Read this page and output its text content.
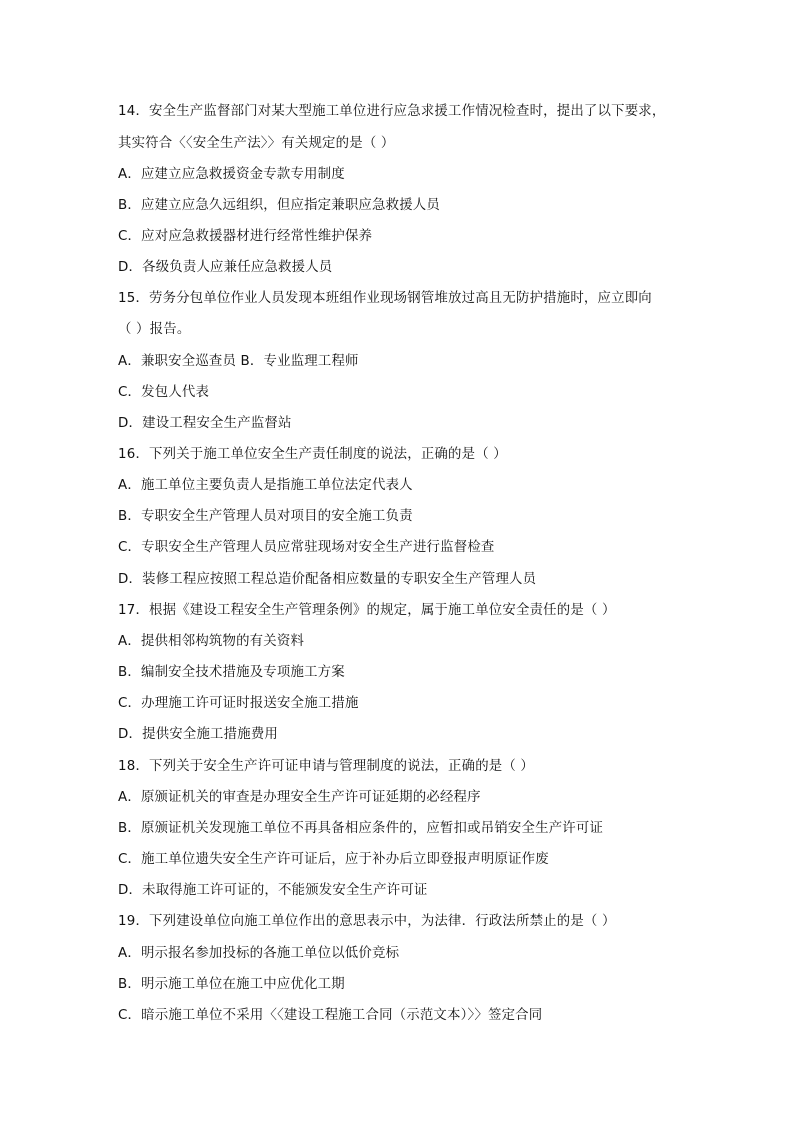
14．安全生产监督部门对某大型施工单位进行应急求援工作情况检查时，提出了以下要求，
其实符合〈〈安全生产法〉〉有关规定的是（ ）
A．应建立应急救援资金专款专用制度
B．应建立应急久远组织，但应指定兼职应急救援人员
C．应对应急救援器材进行经常性维护保养
D．各级负责人应兼任应急救援人员
15．劳务分包单位作业人员发现本班组作业现场钢管堆放过高且无防护措施时，应立即向
（ ）报告。
A．兼职安全巡查员 B．专业监理工程师
C．发包人代表
D．建设工程安全生产监督站
16．下列关于施工单位安全生产责任制度的说法，正确的是（ ）
A．施工单位主要负责人是指施工单位法定代表人
B．专职安全生产管理人员对项目的安全施工负责
C．专职安全生产管理人员应常驻现场对安全生产进行监督检查
D．装修工程应按照工程总造价配备相应数量的专职安全生产管理人员
17．根据《建设工程安全生产管理条例》的规定，属于施工单位安全责任的是（ ）
A．提供相邻构筑物的有关资料
B．编制安全技术措施及专项施工方案
C．办理施工许可证时报送安全施工措施
D．提供安全施工措施费用
18．下列关于安全生产许可证申请与管理制度的说法，正确的是（ ）
A．原颁证机关的审查是办理安全生产许可证延期的必经程序
B．原颁证机关发现施工单位不再具备相应条件的，应暂扣或吊销安全生产许可证
C．施工单位遗失安全生产许可证后，应于补办后立即登报声明原证作废
D．未取得施工许可证的，不能颁发安全生产许可证
19．下列建设单位向施工单位作出的意思表示中，为法律．行政法所禁止的是（ ）
A．明示报名参加投标的各施工单位以低价竞标
B．明示施工单位在施工中应优化工期
C．暗示施工单位不采用〈〈建设工程施工合同（示范文本）〉〉签定合同
